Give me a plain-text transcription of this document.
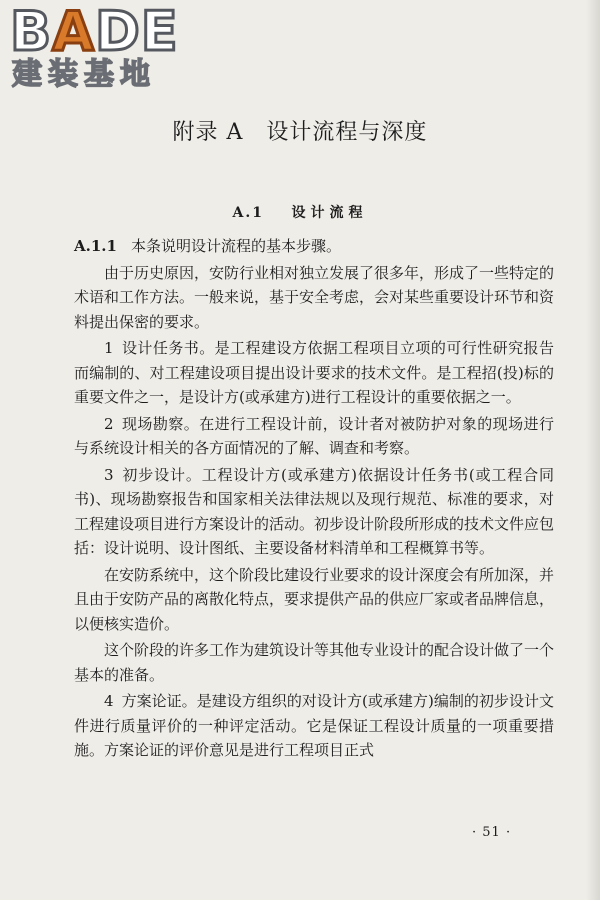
BADE
建装基地
附录 A　设计流程与深度
A.1 设计流程

A.1.1 本条说明设计流程的基本步骤。

由于历史原因，安防行业相对独立发展了很多年，形成了一些特定的术语和工作方法。一般来说，基于安全考虑，会对某些重要设计环节和资料提出保密的要求。

1 设计任务书。是工程建设方依据工程项目立项的可行性研究报告而编制的、对工程建设项目提出设计要求的技术文件。是工程招(投)标的重要文件之一，是设计方(或承建方)进行工程设计的重要依据之一。

2 现场勘察。在进行工程设计前，设计者对被防护对象的现场进行与系统设计相关的各方面情况的了解、调查和考察。

3 初步设计。工程设计方(或承建方)依据设计任务书(或工程合同书)、现场勘察报告和国家相关法律法规以及现行规范、标准的要求，对工程建设项目进行方案设计的活动。初步设计阶段所形成的技术文件应包括：设计说明、设计图纸、主要设备材料清单和工程概算书等。

在安防系统中，这个阶段比建设行业要求的设计深度会有所加深，并且由于安防产品的离散化特点，要求提供产品的供应厂家或者品牌信息，以便核实造价。

这个阶段的许多工作为建筑设计等其他专业设计的配合设计做了一个基本的准备。

4 方案论证。是建设方组织的对设计方(或承建方)编制的初步设计文件进行质量评价的一种评定活动。它是保证工程设计质量的一项重要措施。方案论证的评价意见是进行工程项目正式

· 51 ·
